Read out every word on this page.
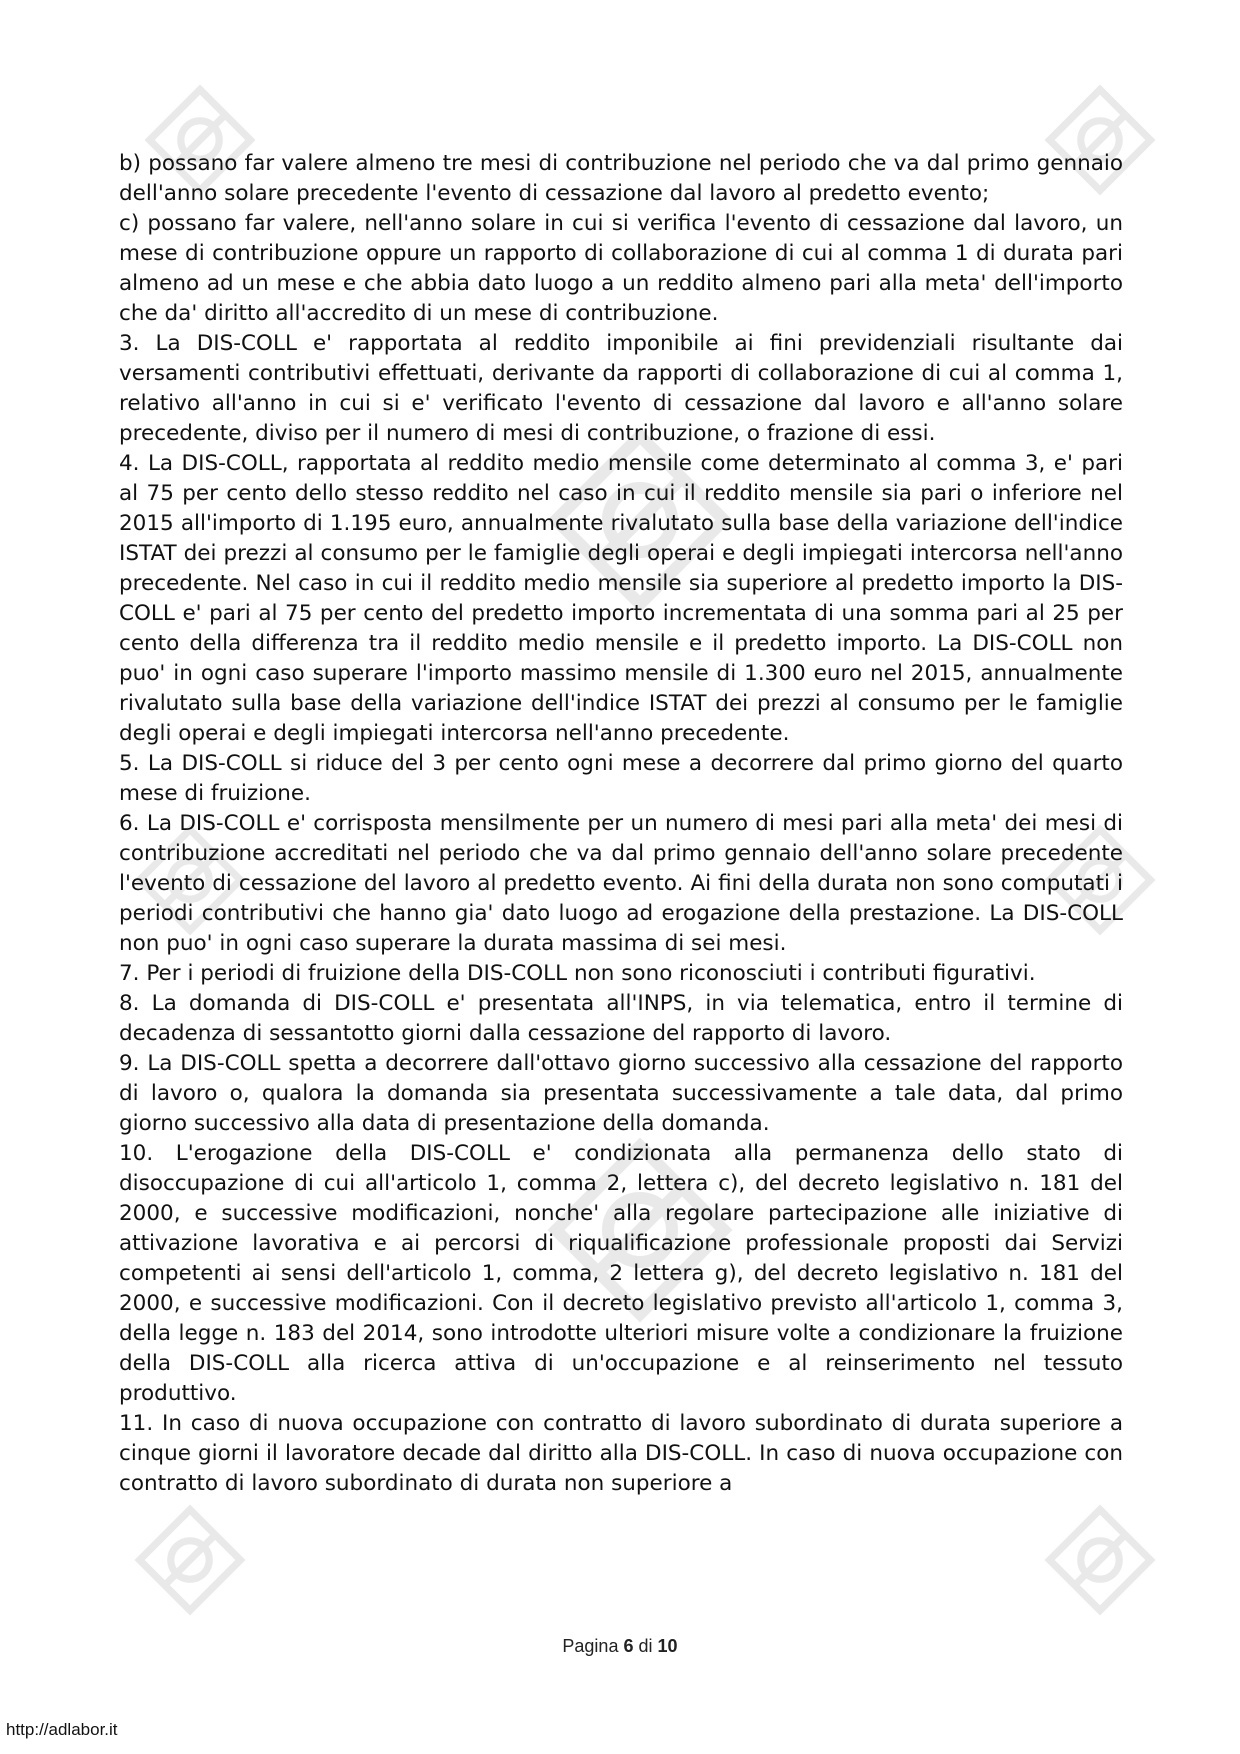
b) possano far valere almeno tre mesi di contribuzione nel periodo che va dal primo gennaio dell'anno solare precedente l'evento di cessazione dal lavoro al predetto evento;

c) possano far valere, nell'anno solare in cui si verifica l'evento di cessazione dal lavoro, un mese di contribuzione oppure un rapporto di collaborazione di cui al comma 1 di durata pari almeno ad un mese e che abbia dato luogo a un reddito almeno pari alla meta' dell'importo che da' diritto all'accredito di un mese di contribuzione.

3. La DIS-COLL e' rapportata al reddito imponibile ai fini previdenziali risultante dai versamenti contributivi effettuati, derivante da rapporti di collaborazione di cui al comma 1, relativo all'anno in cui si e' verificato l'evento di cessazione dal lavoro e all'anno solare precedente, diviso per il numero di mesi di contribuzione, o frazione di essi.

4. La DIS-COLL, rapportata al reddito medio mensile come determinato al comma 3, e' pari al 75 per cento dello stesso reddito nel caso in cui il reddito mensile sia pari o inferiore nel 2015 all'importo di 1.195 euro, annualmente rivalutato sulla base della variazione dell'indice ISTAT dei prezzi al consumo per le famiglie degli operai e degli impiegati intercorsa nell'anno precedente. Nel caso in cui il reddito medio mensile sia superiore al predetto importo la DIS-COLL e' pari al 75 per cento del predetto importo incrementata di una somma pari al 25 per cento della differenza tra il reddito medio mensile e il predetto importo. La DIS-COLL non puo' in ogni caso superare l'importo massimo mensile di 1.300 euro nel 2015, annualmente rivalutato sulla base della variazione dell'indice ISTAT dei prezzi al consumo per le famiglie degli operai e degli impiegati intercorsa nell'anno precedente.

5. La DIS-COLL si riduce del 3 per cento ogni mese a decorrere dal primo giorno del quarto mese di fruizione.

6. La DIS-COLL e' corrisposta mensilmente per un numero di mesi pari alla meta' dei mesi di contribuzione accreditati nel periodo che va dal primo gennaio dell'anno solare precedente l'evento di cessazione del lavoro al predetto evento. Ai fini della durata non sono computati i periodi contributivi che hanno gia' dato luogo ad erogazione della prestazione. La DIS-COLL non puo' in ogni caso superare la durata massima di sei mesi.

7. Per i periodi di fruizione della DIS-COLL non sono riconosciuti i contributi figurativi.

8. La domanda di DIS-COLL e' presentata all'INPS, in via telematica, entro il termine di decadenza di sessantotto giorni dalla cessazione del rapporto di lavoro.

9. La DIS-COLL spetta a decorrere dall'ottavo giorno successivo alla cessazione del rapporto di lavoro o, qualora la domanda sia presentata successivamente a tale data, dal primo giorno successivo alla data di presentazione della domanda.

10. L'erogazione della DIS-COLL e' condizionata alla permanenza dello stato di disoccupazione di cui all'articolo 1, comma 2, lettera c), del decreto legislativo n. 181 del 2000, e successive modificazioni, nonche' alla regolare partecipazione alle iniziative di attivazione lavorativa e ai percorsi di riqualificazione professionale proposti dai Servizi competenti ai sensi dell'articolo 1, comma, 2 lettera g), del decreto legislativo n. 181 del 2000, e successive modificazioni. Con il decreto legislativo previsto all'articolo 1, comma 3, della legge n. 183 del 2014, sono introdotte ulteriori misure volte a condizionare la fruizione della DIS-COLL alla ricerca attiva di un'occupazione e al reinserimento nel tessuto produttivo.

11. In caso di nuova occupazione con contratto di lavoro subordinato di durata superiore a cinque giorni il lavoratore decade dal diritto alla DIS-COLL. In caso di nuova occupazione con contratto di lavoro subordinato di durata non superiore a

Pagina 6 di 10
http://adlabor.it
